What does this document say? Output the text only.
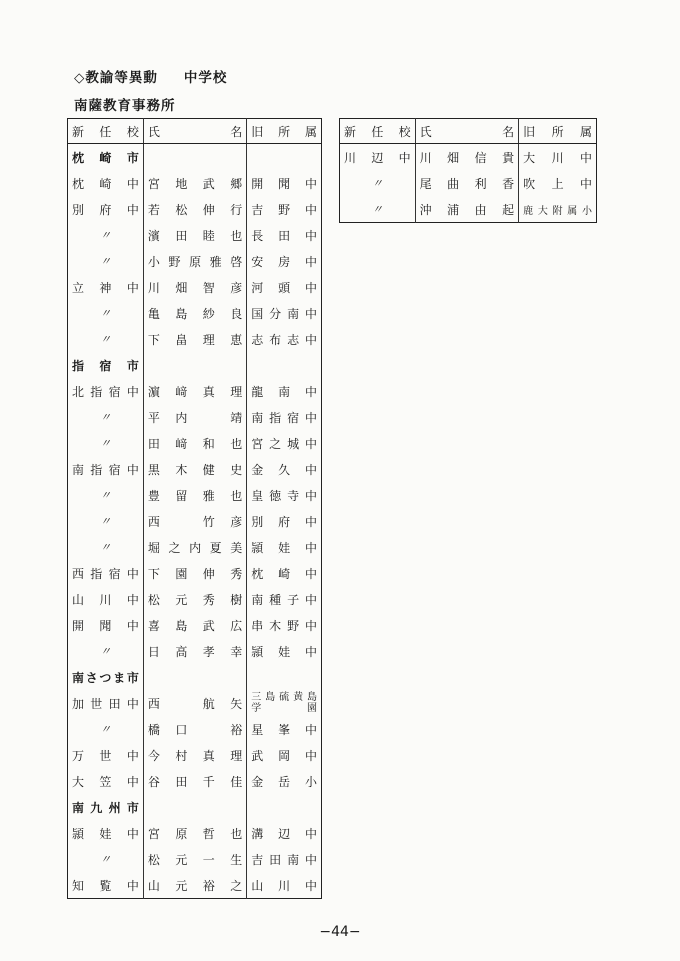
◇教諭等異動 中学校
南薩教育事務所
新任校	氏名	旧所属
枕崎市		
枕崎中	宮地武郷	開聞中
別府中	若松伸行	吉野中
〃	濱田睦也	長田中
〃	小野原雅啓	安房中
立神中	川畑智彦	河頭中
〃	亀島紗良	国分南中
〃	下畠理恵	志布志中
指宿市		
北指宿中	濵﨑真理	龍南中
〃	平内　靖	南指宿中
〃	田﨑和也	宮之城中
南指宿中	黒木健史	金久中
〃	豊留雅也	皇徳寺中
〃	西　竹彦	別府中
〃	堀之内夏美	頴娃中
西指宿中	下園伸秀	枕崎中
山川中	松元秀樹	南種子中
開聞中	喜島武広	串木野中
〃	日高孝幸	頴娃中
南さつま市		
加世田中	西　航矢	三島硫黄島
学　　園

〃	橋口　裕	星峯中
万世中	今村真理	武岡中
大笠中	谷田千佳	金岳小
南九州市		
頴娃中	宮原哲也	溝辺中
〃	松元一生	吉田南中
知覧中	山元裕之	山川中
新任校	氏名	旧所属
川辺中	川畑信貴	大川中
〃	尾曲利香	吹上中
〃	沖浦由起	鹿大附属小
−44−
